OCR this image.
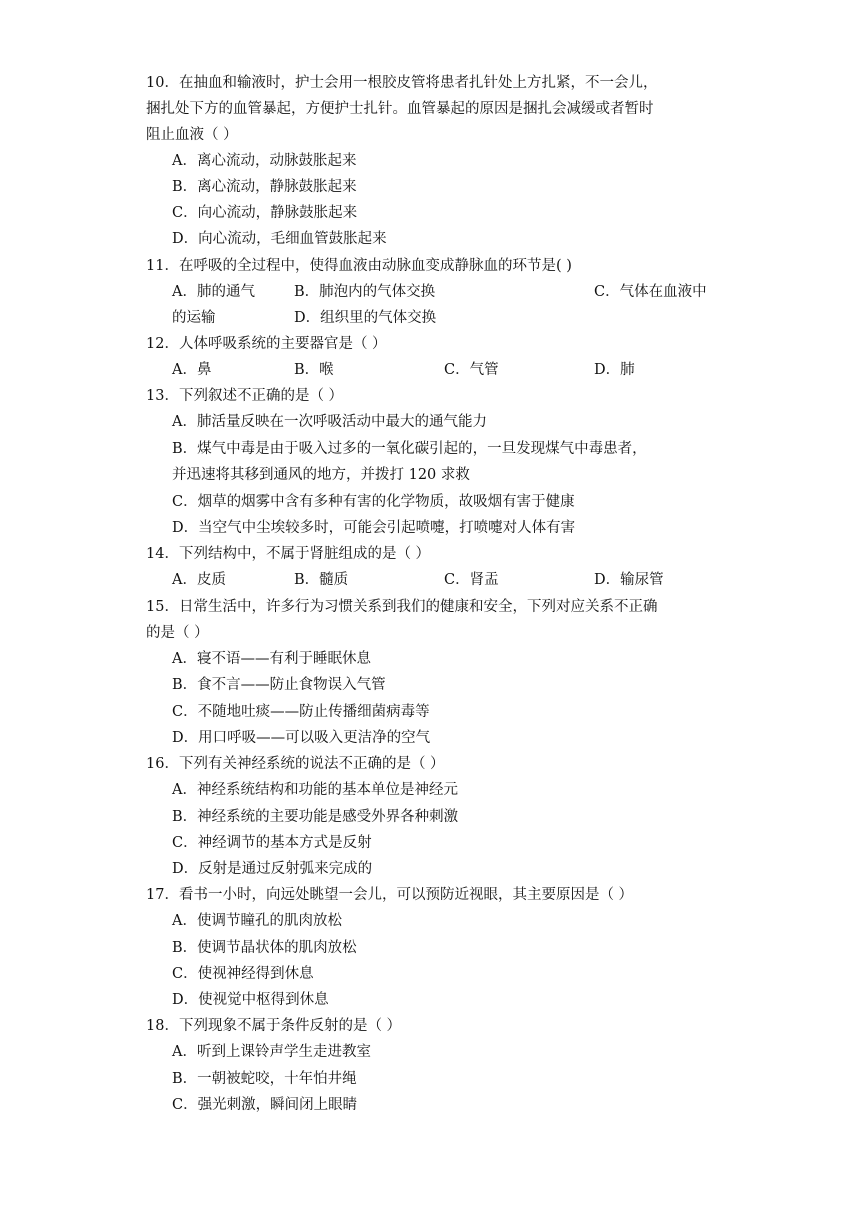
10．在抽血和输液时，护士会用一根胶皮管将患者扎针处上方扎紧，不一会儿，
捆扎处下方的血管暴起，方便护士扎针。血管暴起的原因是捆扎会减缓或者暂时
阻止血液（ ）
A．离心流动，动脉鼓胀起来
B．离心流动，静脉鼓胀起来
C．向心流动，静脉鼓胀起来
D．向心流动，毛细血管鼓胀起来
11．在呼吸的全过程中，使得血液由动脉血变成静脉血的环节是( )
A．肺的通气	B．肺泡内的气体交换	C．气体在血液中
的运输	D．组织里的气体交换
12．人体呼吸系统的主要器官是（ ）
A．鼻	B．喉	C．气管	D．肺
13．下列叙述不正确的是（ ）
A．肺活量反映在一次呼吸活动中最大的通气能力
B．煤气中毒是由于吸入过多的一氧化碳引起的，一旦发现煤气中毒患者，
并迅速将其移到通风的地方，并拨打 120 求救
C．烟草的烟雾中含有多种有害的化学物质，故吸烟有害于健康
D．当空气中尘埃较多时，可能会引起喷嚏，打喷嚏对人体有害
14．下列结构中，不属于肾脏组成的是（ ）
A．皮质	B．髓质	C．肾盂	D．输尿管
15．日常生活中，许多行为习惯关系到我们的健康和安全，下列对应关系不正确
的是（ ）
A．寝不语——有利于睡眠休息
B．食不言——防止食物误入气管
C．不随地吐痰——防止传播细菌病毒等
D．用口呼吸——可以吸入更洁净的空气
16．下列有关神经系统的说法不正确的是（ ）
A．神经系统结构和功能的基本单位是神经元
B．神经系统的主要功能是感受外界各种刺激
C．神经调节的基本方式是反射
D．反射是通过反射弧来完成的
17．看书一小时，向远处眺望一会儿，可以预防近视眼，其主要原因是（ ）
A．使调节瞳孔的肌肉放松
B．使调节晶状体的肌肉放松
C．使视神经得到休息
D．使视觉中枢得到休息
18．下列现象不属于条件反射的是（ ）
A．听到上课铃声学生走进教室
B．一朝被蛇咬，十年怕井绳
C．强光刺激，瞬间闭上眼睛
